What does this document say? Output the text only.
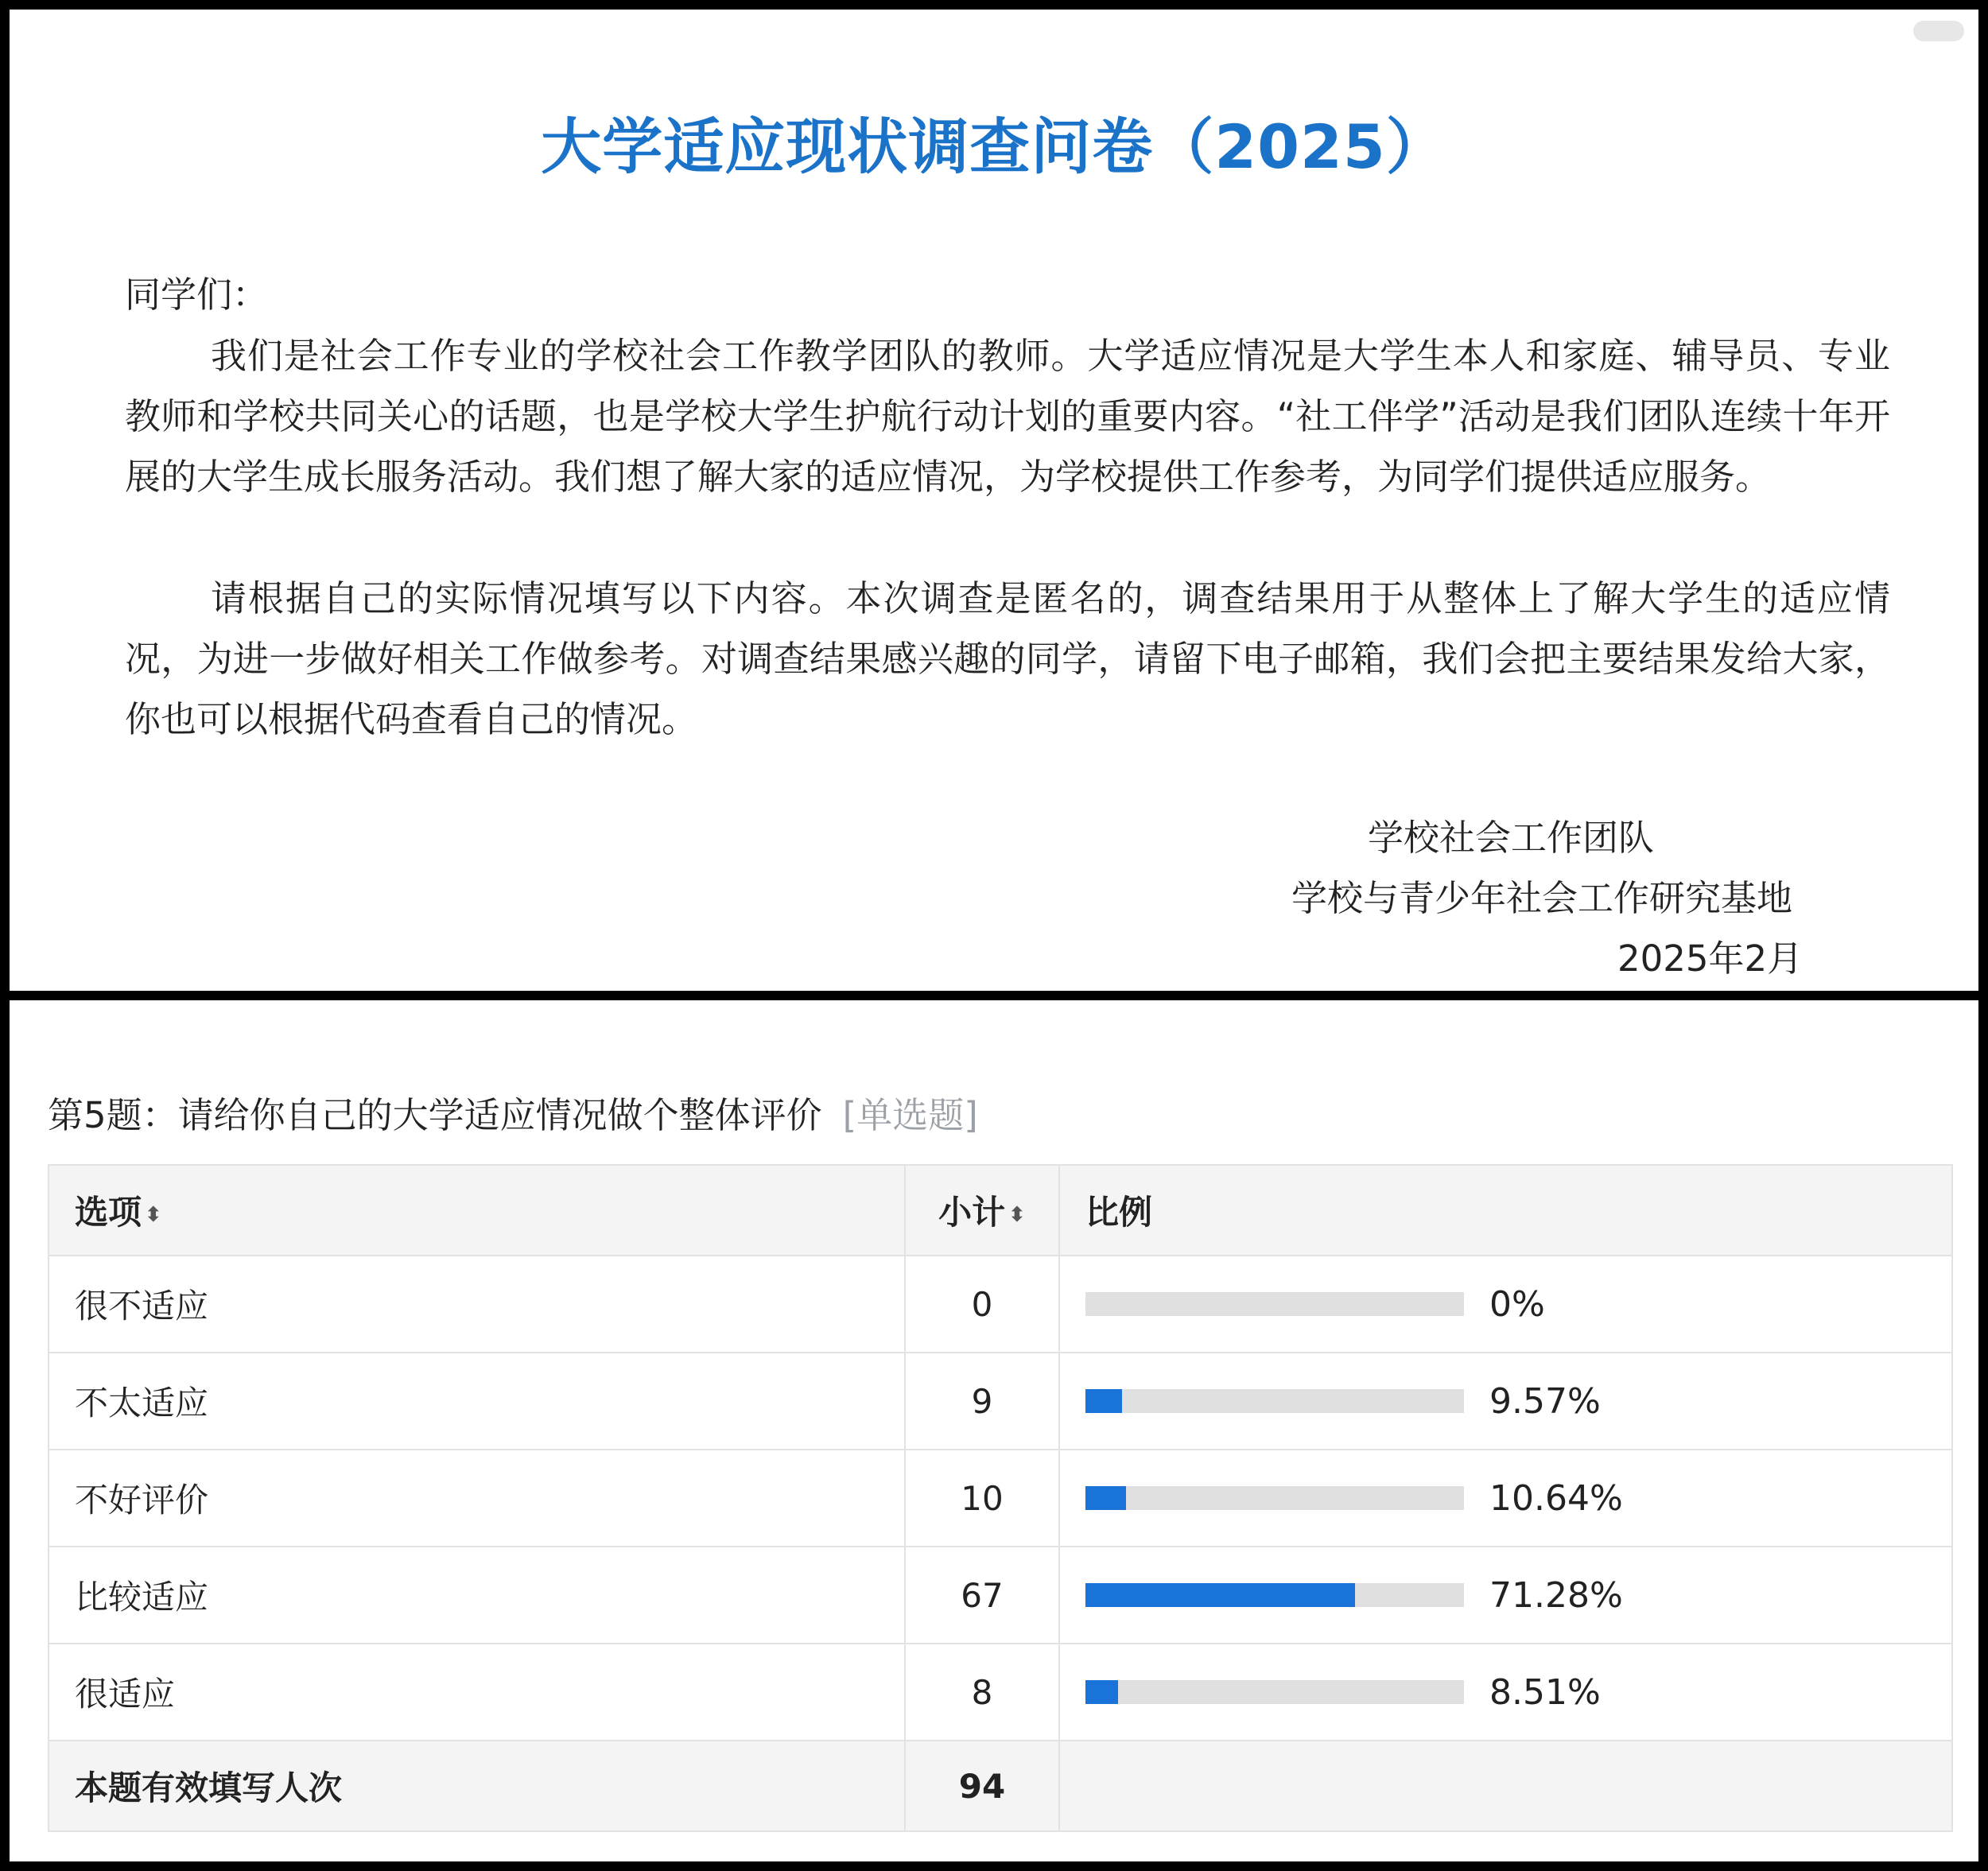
大学适应现状调查问卷（2025）
同学们：
我们是社会工作专业的学校社会工作教学团队的教师。大学适应情况是大学生本人和家庭、辅导员、专业教师和学校共同关心的话题，也是学校大学生护航行动计划的重要内容。“社工伴学”活动是我们团队连续十年开展的大学生成长服务活动。我们想了解大家的适应情况，为学校提供工作参考，为同学们提供适应服务。
请根据自己的实际情况填写以下内容。本次调查是匿名的，调查结果用于从整体上了解大学生的适应情况，为进一步做好相关工作做参考。对调查结果感兴趣的同学，请留下电子邮箱，我们会把主要结果发给大家，你也可以根据代码查看自己的情况。
学校社会工作团队
学校与青少年社会工作研究基地
2025年2月
第5题：请给你自己的大学适应情况做个整体评价 [单选题]
选项 ⬍	小计 ⬍	比例
很不适应	0	0%

不太适应	9	9.57%

不好评价	10	10.64%

比较适应	67	71.28%

很适应	8	8.51%

本题有效填写人次	94	
